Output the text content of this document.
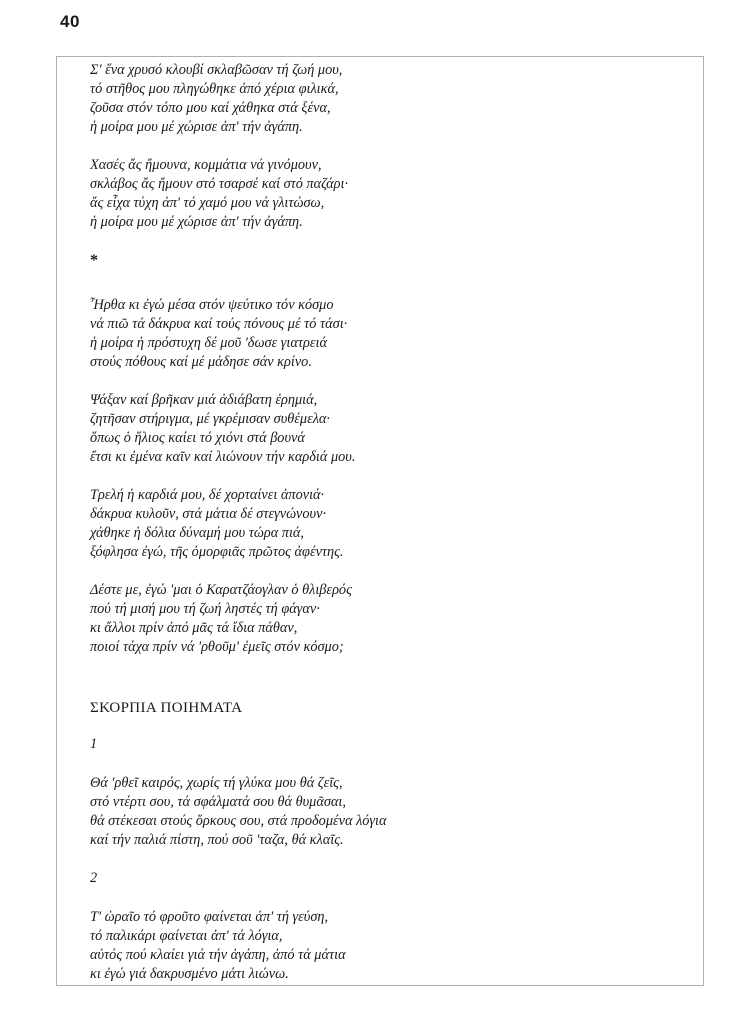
40
Σ' ἕνα χρυσό κλουβί σκλαβῶσαν τή ζωή μου,
τό στῆθος μου πληγώθηκε ἀπό χέρια φιλικά,
ζοῦσα στόν τόπο μου καί χάθηκα στά ξένα,
ἡ μοίρα μου μέ χώρισε ἀπ' τήν ἀγάπη.
Χασές ἄς ἤμουνα, κομμάτια νά γινόμουν,
σκλάβος ἄς ἤμουν στό τσαρσέ καί στό παζάρι·
ἄς εἶχα τύχη ἀπ' τό χαμό μου νά γλιτώσω,
ἡ μοίρα μου μέ χώρισε ἀπ' τήν ἀγάπη.
*
Ἦρθα κι ἐγώ μέσα στόν ψεύτικο τόν κόσμο
νά πιῶ τά δάκρυα καί τούς πόνους μέ τό τάσι·
ἡ μοίρα ἡ πρόστυχη δέ μοῦ 'δωσε γιατρειά
στούς πόθους καί μέ μάδησε σάν κρίνο.
Ψάξαν καί βρῆκαν μιά ἀδιάβατη ἐρημιά,
ζητῆσαν στήριγμα, μέ γκρέμισαν συθέμελα·
ὅπως ὁ ἥλιος καίει τό χιόνι στά βουνά
ἔτσι κι ἐμένα καῖν καί λιώνουν τήν καρδιά μου.
Τρελή ἡ καρδιά μου, δέ χορταίνει ἀπονιά·
δάκρυα κυλοῦν, στά μάτια δέ στεγνώνουν·
χάθηκε ἡ δόλια δύναμή μου τώρα πιά,
ξόφλησα ἐγώ, τῆς ὀμορφιᾶς πρῶτος ἀφέντης.
Δέστε με, ἐγώ 'μαι ὁ Καρατζάογλαν ὁ θλιβερός
πού τή μισή μου τή ζωή ληστές τή φάγαν·
κι ἄλλοι πρίν ἀπό μᾶς τά ἴδια πάθαν,
ποιοί τάχα πρίν νά 'ρθοῦμ' ἐμεῖς στόν κόσμο;
ΣΚΟΡΠΙΑ ΠΟΙΗΜΑΤΑ
1
Θά 'ρθεῖ καιρός, χωρίς τή γλύκα μου θά ζεῖς,
στό ντέρτι σου, τά σφάλματά σου θά θυμᾶσαι,
θά στέκεσαι στούς ὅρκους σου, στά προδομένα λόγια
καί τήν παλιά πίστη, πού σοῦ 'ταζα, θά κλαῖς.
2
Τ' ὡραῖο τό φροῦτο φαίνεται ἀπ' τή γεύση,
τό παλικάρι φαίνεται ἀπ' τά λόγια,
αὐτός πού κλαίει γιά τήν ἀγάπη, ἀπό τά μάτια
κι ἐγώ γιά δακρυσμένο μάτι λιώνω.
